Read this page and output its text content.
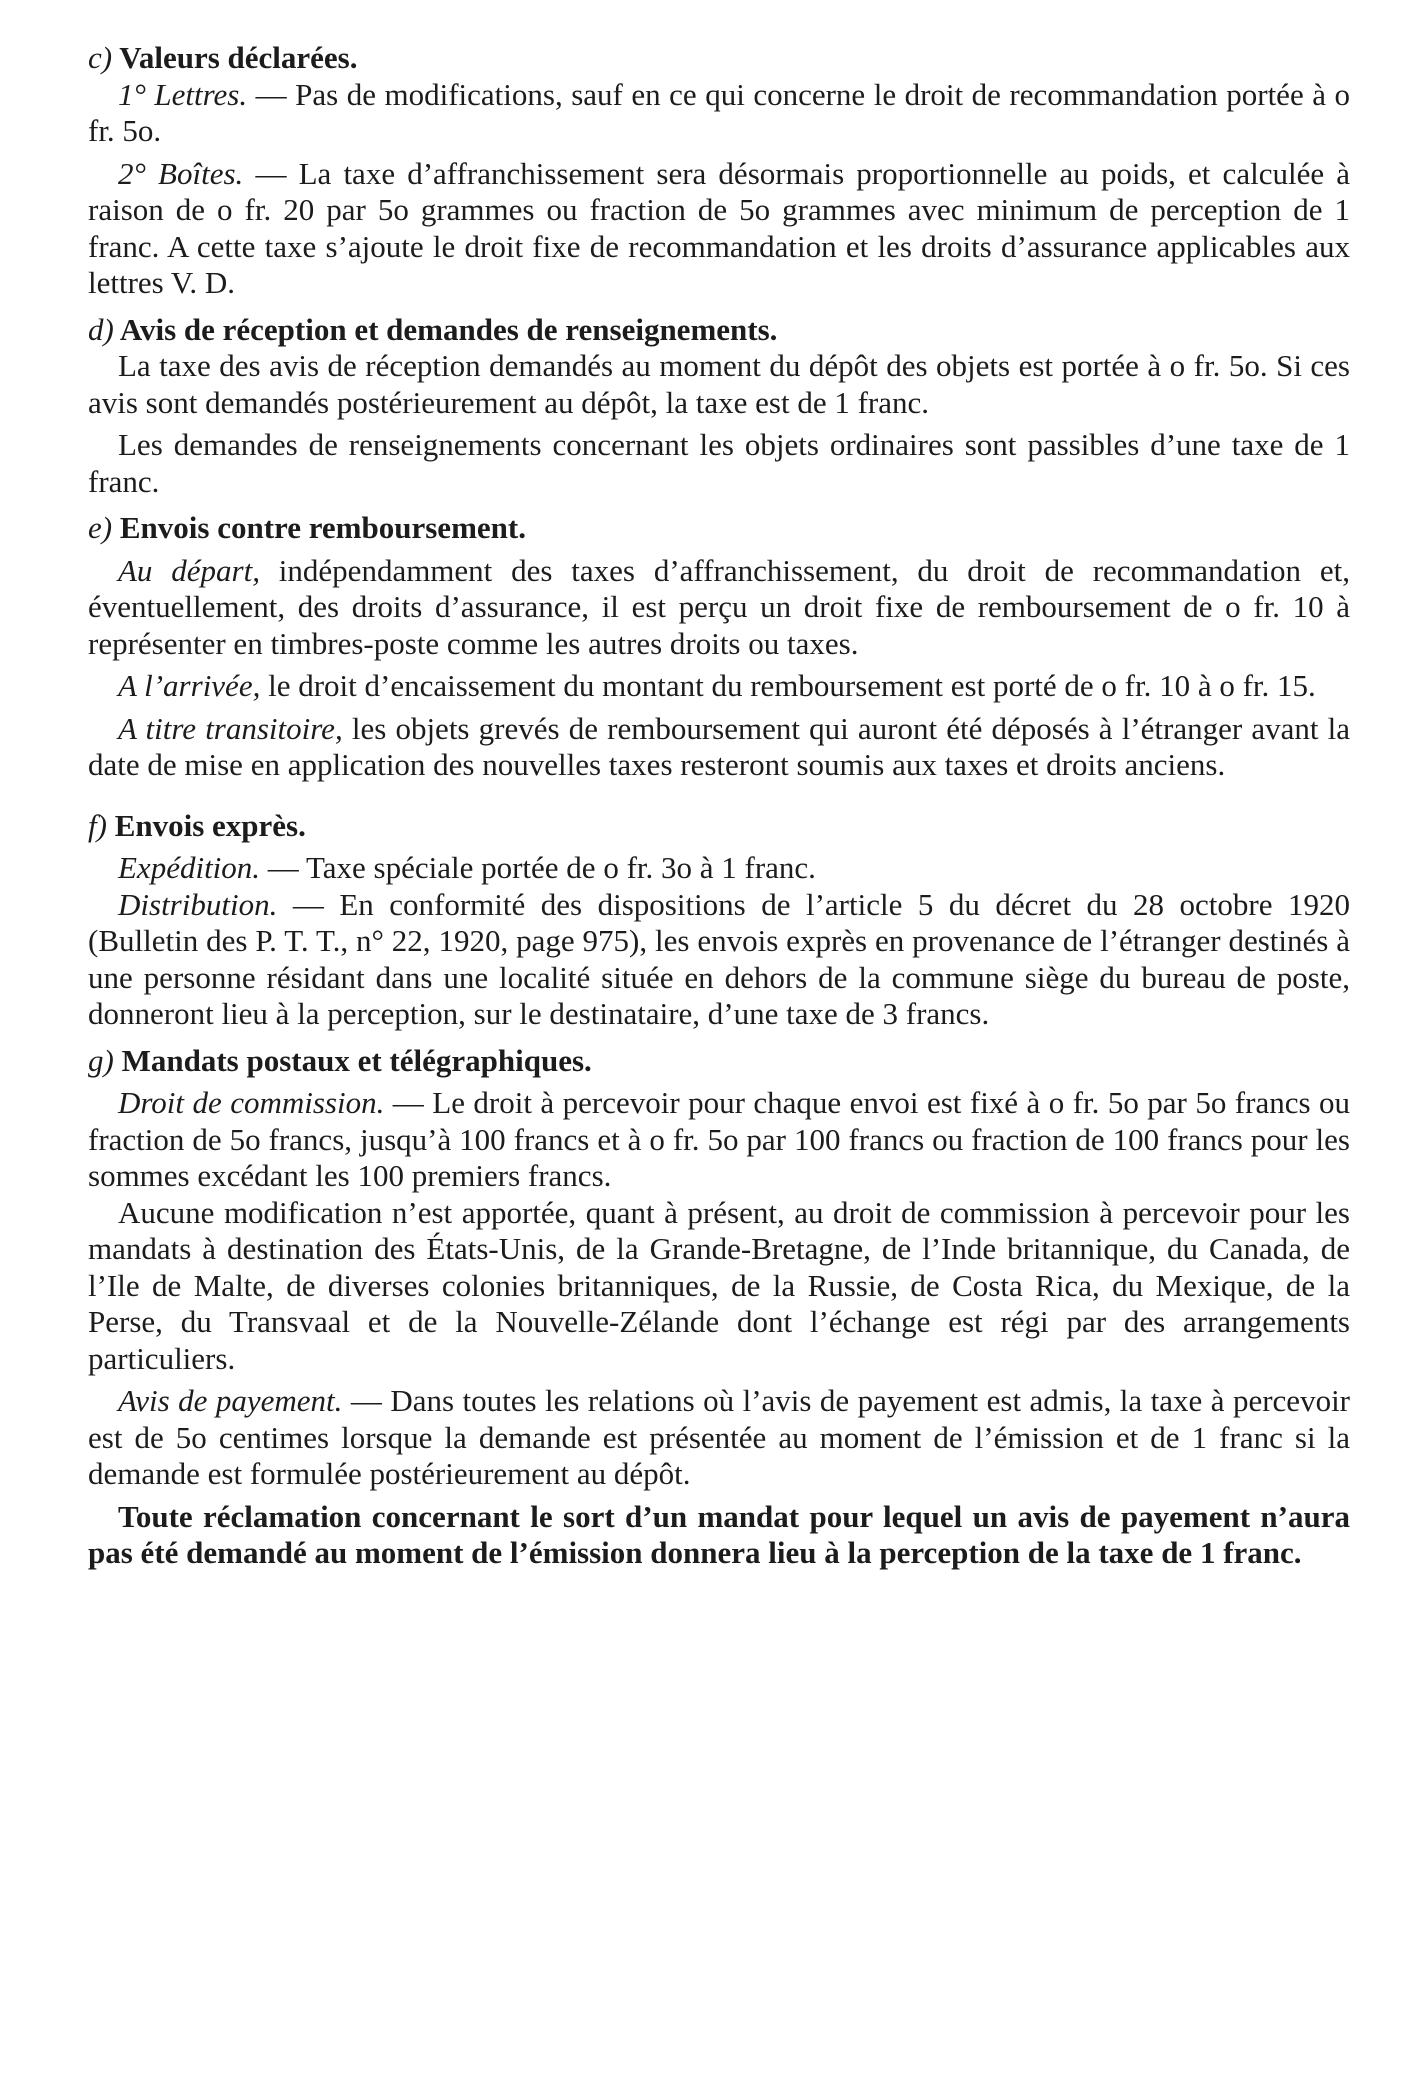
c) Valeurs déclarées.

1° Lettres. — Pas de modifications, sauf en ce qui concerne le droit de recommandation portée à o fr. 5o.

2° Boîtes. — La taxe d’affranchissement sera désormais proportionnelle au poids, et calculée à raison de o fr. 20 par 5o grammes ou fraction de 5o grammes avec minimum de perception de 1 franc. A cette taxe s’ajoute le droit fixe de recommandation et les droits d’assurance applicables aux lettres V. D.

d) Avis de réception et demandes de renseignements.

La taxe des avis de réception demandés au moment du dépôt des objets est portée à o fr. 5o. Si ces avis sont demandés postérieurement au dépôt, la taxe est de 1 franc.

Les demandes de renseignements concernant les objets ordinaires sont passibles d’une taxe de 1 franc.

e) Envois contre remboursement.

Au départ, indépendamment des taxes d’affranchissement, du droit de recommandation et, éventuellement, des droits d’assurance, il est perçu un droit fixe de remboursement de o fr. 10 à représenter en timbres-poste comme les autres droits ou taxes.

A l’arrivée, le droit d’encaissement du montant du remboursement est porté de o fr. 10 à o fr. 15.

A titre transitoire, les objets grevés de remboursement qui auront été déposés à l’étranger avant la date de mise en application des nouvelles taxes resteront soumis aux taxes et droits anciens.

f) Envois exprès.

Expédition. — Taxe spéciale portée de o fr. 3o à 1 franc.

Distribution. — En conformité des dispositions de l’article 5 du décret du 28 octobre 1920 (Bulletin des P. T. T., n° 22, 1920, page 975), les envois exprès en provenance de l’étranger destinés à une personne résidant dans une localité située en dehors de la commune siège du bureau de poste, donneront lieu à la perception, sur le destinataire, d’une taxe de 3 francs.

g) Mandats postaux et télégraphiques.

Droit de commission. — Le droit à percevoir pour chaque envoi est fixé à o fr. 5o par 5o francs ou fraction de 5o francs, jusqu’à 100 francs et à o fr. 5o par 100 francs ou fraction de 100 francs pour les sommes excédant les 100 premiers francs.

Aucune modification n’est apportée, quant à présent, au droit de commission à percevoir pour les mandats à destination des États-Unis, de la Grande-Bretagne, de l’Inde britannique, du Canada, de l’Ile de Malte, de diverses colonies britanniques, de la Russie, de Costa Rica, du Mexique, de la Perse, du Transvaal et de la Nouvelle-Zélande dont l’échange est régi par des arrangements particuliers.

Avis de payement. — Dans toutes les relations où l’avis de payement est admis, la taxe à percevoir est de 5o centimes lorsque la demande est présentée au moment de l’émission et de 1 franc si la demande est formulée postérieurement au dépôt.

Toute réclamation concernant le sort d’un mandat pour lequel un avis de payement n’aura pas été demandé au moment de l’émission donnera lieu à la perception de la taxe de 1 franc.
